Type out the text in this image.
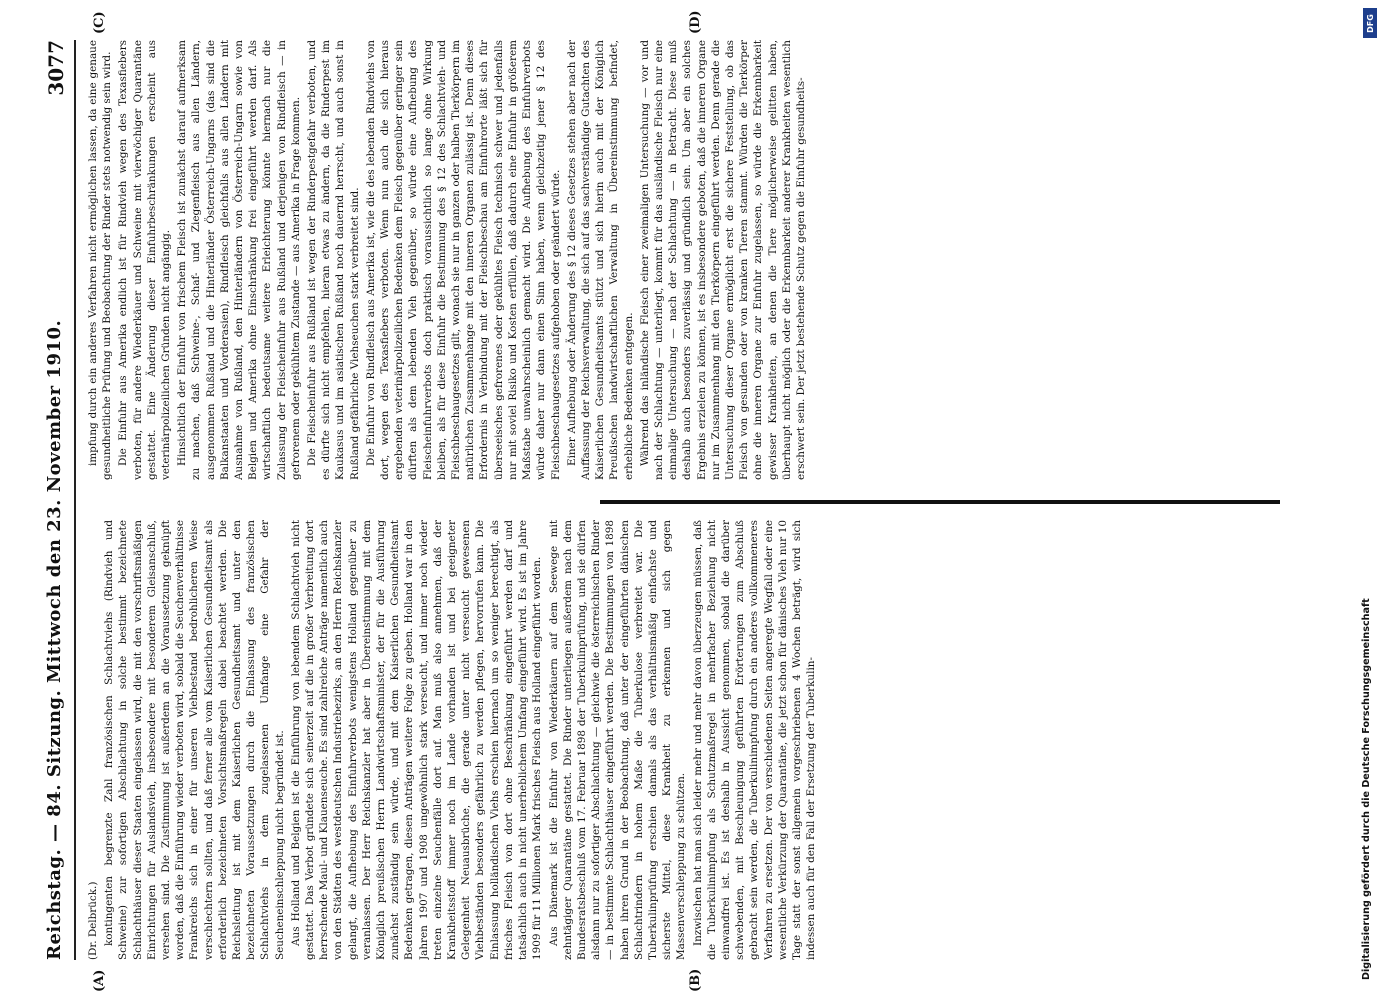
Reichstag. — 84. Sitzung. Mittwoch den 23. November 1910.
3077
(A)	(B)
(C)	(D)

(Dr. Delbrück.) kontingenten begrenzte Zahl französischen Schlachtviehs (Rindvieh und Schweine) zur sofortigen Abschlachtung in solche bestimmt bezeichnete Schlachthäuser dieser Staaten eingelassen wird, die mit den vorschriftsmäßigen Einrichtungen für Auslandsvieh, insbesondere mit besonderem Gleisanschluß, versehen sind. Die Zustimmung ist außerdem an die Voraussetzung geknüpft worden, daß die Einführung wieder verboten wird, sobald die Seuchenverhältnisse Frankreichs sich in einer für unseren Viehbestand bedrohlicheren Weise verschlechtern sollten, und daß ferner alle vom Kaiserlichen Gesundheitsamt als erforderlich bezeichneten Vorsichtsmaßregeln dabei beachtet werden. Die Reichsleitung ist mit dem Kaiserlichen Gesundheitsamt und unter den bezeichneten Voraussetzungen durch die Einlassung des französischen Schlachtviehs in dem zugelassenen Umfange eine Gefahr der Seucheneinschleppung nicht begründet ist. Aus Holland und Belgien ist die Einführung von lebendem Schlachtvieh nicht gestattet. Das Verbot gründete sich seinerzeit auf die in großer Verbreitung dort herrschende Maul- und Klauenseuche. Es sind zahlreiche Anträge namentlich auch von den Städten des westdeutschen Industriebezirks, an den Herrn Reichskanzler gelangt, die Aufhebung des Einfuhrverbots wenigstens Holland gegenüber zu veranlassen. Der Herr Reichskanzler hat aber in Übereinstimmung mit dem Königlich preußischen Herrn Landwirtschaftsminister, der für die Ausführung zunächst zuständig sein würde, und mit dem Kaiserlichen Gesundheitsamt Bedenken getragen, diesen Anträgen weitere Folge zu geben. Holland war in den Jahren 1907 und 1908 ungewöhnlich stark verseucht, und immer noch wieder treten einzelne Seuchenfälle dort auf. Man muß also annehmen, daß der Krankheitsstoff immer noch im Lande vorhanden ist und bei geeigneter Gelegenheit Neuausbrüche, die gerade unter nicht verseucht gewesenen Viehbeständen besonders gefährlich zu werden pflegen, hervorrufen kann. Die Einlassung holländischen Viehs erschien hiernach um so weniger berechtigt, als frisches Fleisch von dort ohne Beschränkung eingeführt werden darf und tatsächlich auch in nicht unerheblichem Umfang eingeführt wird. Es ist im Jahre 1909 für 11 Millionen Mark frisches Fleisch aus Holland eingeführt worden. Aus Dänemark ist die Einfuhr von Wiederkäuern auf dem Seewege mit zehntägiger Quarantäne gestattet. Die Rinder unterliegen außerdem nach dem Bundesratsbeschluß vom 17. Februar 1898 der Tuberkulinprüfung, und sie dürfen alsdann nur zu sofortiger Abschlachtung — gleichwie die österreichischen Rinder — in bestimmte Schlachthäuser eingeführt werden. Die Bestimmungen von 1898 haben ihren Grund in der Beobachtung, daß unter der eingeführten dänischen Schlachtrindern in hohem Maße die Tuberkulose verbreitet war. Die Tuberkulinprüfung erschien damals als das verhältnismäßig einfachste und sicherste Mittel, diese Krankheit zu erkennen und sich gegen Massenverschleppung zu schützen. Inzwischen hat man sich leider mehr und mehr davon überzeugen müssen, daß die Tuberkulinimpfung als Schutzmaßregel in mehrfacher Beziehung nicht einwandfrei ist. Es ist deshalb in Aussicht genommen, sobald die darüber schwebenden, mit Beschleunigung geführten Erörterungen zum Abschluß gebracht sein werden, die Tuberkulinimpfung durch ein anderes vollkommeneres Verfahren zu ersetzen. Der von verschiedenen Seiten angeregte Wegfall oder eine wesentliche Verkürzung der Quarantäne, die jetzt schon für dänisches Vieh nur 10 Tage statt der sonst allgemein vorgeschriebenen 4 Wochen beträgt, wird sich indessen auch für den Fall der Ersetzung der Tuberkulin-

impfung durch ein anderes Verfahren nicht ermöglichen lassen, da eine genaue gesundheitliche Prüfung und Beobachtung der Rinder stets notwendig sein wird. Die Einfuhr aus Amerika endlich ist für Rindvieh wegen des Texasfiebers verboten, für andere Wiederkäuer und Schweine mit vierwöchiger Quarantäne gestattet. Eine Änderung dieser Einfuhrbeschränkungen erscheint aus veterinärpolizeilichen Gründen nicht angängig. Hinsichtlich der Einfuhr von frischem Fleisch ist zunächst darauf aufmerksam zu machen, daß Schweine-, Schaf- und Ziegenfleisch aus allen Ländern, ausgenommen Rußland und die Hinterländer Österreich-Ungarns (das sind die Balkanstaaten und Vorderasien), Rindfleisch gleichfalls aus allen Ländern mit Ausnahme von Rußland, den Hinterländern von Österreich-Ungarn sowie von Belgien und Amerika ohne Einschränkung frei eingeführt werden darf. Als wirtschaftlich bedeutsame weitere Erleichterung könnte hiernach nur die Zulassung der Fleischeinfuhr aus Rußland und derjenigen von Rindfleisch — in gefrorenem oder gekühltem Zustande — aus Amerika in Frage kommen. Die Fleischeinfuhr aus Rußland ist wegen der Rinderpestgefahr verboten, und es dürfte sich nicht empfehlen, hieran etwas zu ändern, da die Rinderpest im Kaukasus und im asiatischen Rußland noch dauernd herrscht, und auch sonst in Rußland gefährliche Viehseuchen stark verbreitet sind. Die Einfuhr von Rindfleisch aus Amerika ist, wie die des lebenden Rindviehs von dort, wegen des Texasfiebers verboten. Wenn nun auch die sich hieraus ergebenden veterinärpolizeilichen Bedenken dem Fleisch gegenüber geringer sein dürften als dem lebenden Vieh gegenüber, so würde eine Aufhebung des Fleischeinfuhrverbots doch praktisch voraussichtlich so lange ohne Wirkung bleiben, als für diese Einfuhr die Bestimmung des § 12 des Schlachtvieh- und Fleischbeschaugesetzes gilt, wonach sie nur in ganzen oder halben Tierkörpern im natürlichen Zusammenhange mit den inneren Organen zulässig ist. Denn dieses Erfordernis in Verbindung mit der Fleischbeschau am Einfuhrorte läßt sich für überseeisches gefrorenes oder gekühltes Fleisch technisch schwer und jedenfalls nur mit soviel Risiko und Kosten erfüllen, daß dadurch eine Einfuhr in größerem Maßstabe unwahrscheinlich gemacht wird. Die Aufhebung des Einfuhrverbots würde daher nur dann einen Sinn haben, wenn gleichzeitig jener § 12 des Fleischbeschaugesetzes aufgehoben oder geändert würde. Einer Aufhebung oder Änderung des § 12 dieses Gesetzes stehen aber nach der Auffassung der Reichsverwaltung, die sich auf das sachverständige Gutachten des Kaiserlichen Gesundheitsamts stützt und sich hierin auch mit der Königlich Preußischen landwirtschaftlichen Verwaltung in Übereinstimmung befindet, erhebliche Bedenken entgegen. Während das inländische Fleisch einer zweimaligen Untersuchung — vor und nach der Schlachtung — unterliegt, kommt für das ausländische Fleisch nur eine einmalige Untersuchung — nach der Schlachtung — in Betracht. Diese muß deshalb auch besonders zuverlässig und gründlich sein. Um aber ein solches Ergebnis erzielen zu können, ist es insbesondere geboten, daß die inneren Organe nur im Zusammenhang mit den Tierkörpern eingeführt werden. Denn gerade die Untersuchung dieser Organe ermöglicht erst die sichere Feststellung, ob das Fleisch von gesunden oder von kranken Tieren stammt. Würden die Tierkörper ohne die inneren Organe zur Einfuhr zugelassen, so würde die Erkennbarkeit gewisser Krankheiten, an denen die Tiere möglicherweise gelitten haben, überhaupt nicht möglich oder die Erkennbarkeit anderer Krankheiten wesentlich erschwert sein. Der jetzt bestehende Schutz gegen die Einfuhr gesundheits-

DFG
Digitalisierung gefördert durch die Deutsche Forschungsgemeinschaft
